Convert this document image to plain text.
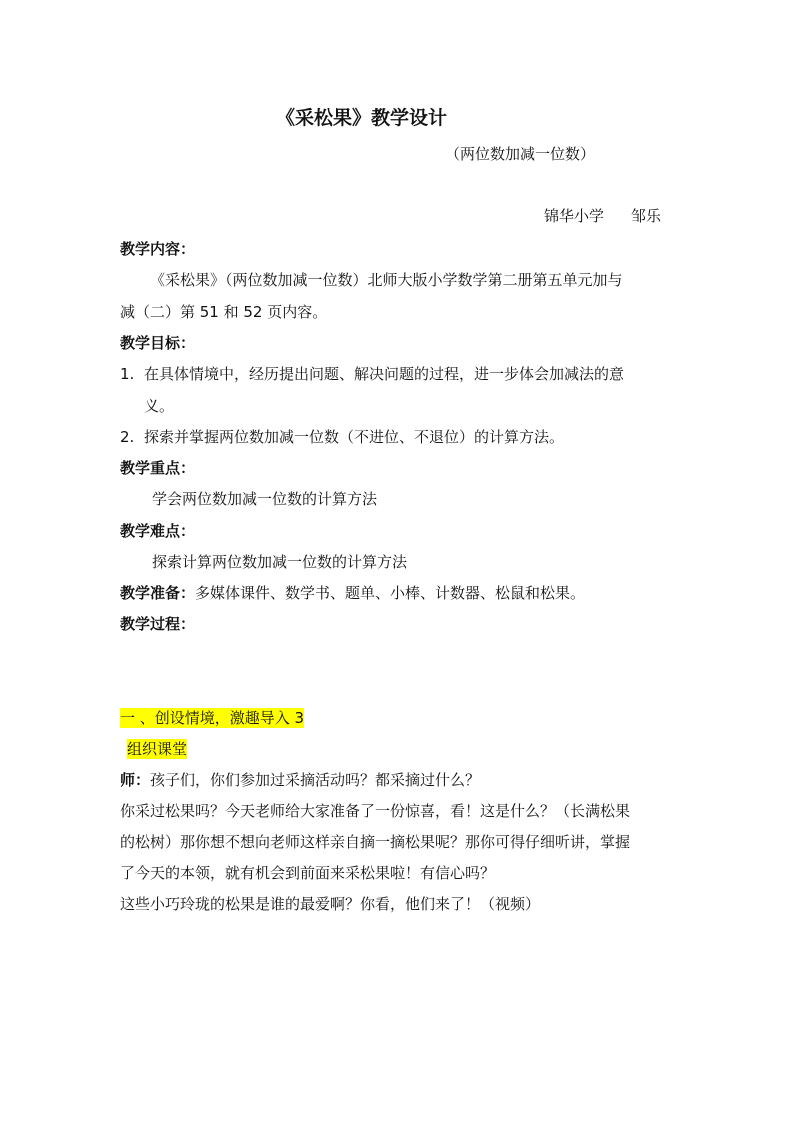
《采松果》教学设计
（两位数加减一位数）
锦华小学 邹乐
教学内容：
《采松果》（两位数加减一位数）北师大版小学数学第二册第五单元加与
减（二）第 51 和 52 页内容。
教学目标：
1. 在具体情境中，经历提出问题、解决问题的过程，进一步体会加减法的意
义。
2. 探索并掌握两位数加减一位数（不进位、不退位）的计算方法。
教学重点：
学会两位数加减一位数的计算方法
教学难点：
探索计算两位数加减一位数的计算方法
教学准备：多媒体课件、数学书、题单、小棒、计数器、松鼠和松果。
教学过程：
一 、创设情境，激趣导入 3
组织课堂
师：孩子们，你们参加过采摘活动吗？都采摘过什么？
你采过松果吗？今天老师给大家准备了一份惊喜，看！这是什么？（长满松果
的松树）那你想不想向老师这样亲自摘一摘松果呢？那你可得仔细听讲，掌握
了今天的本领，就有机会到前面来采松果啦！有信心吗？
这些小巧玲珑的松果是谁的最爱啊？你看，他们来了！（视频）
